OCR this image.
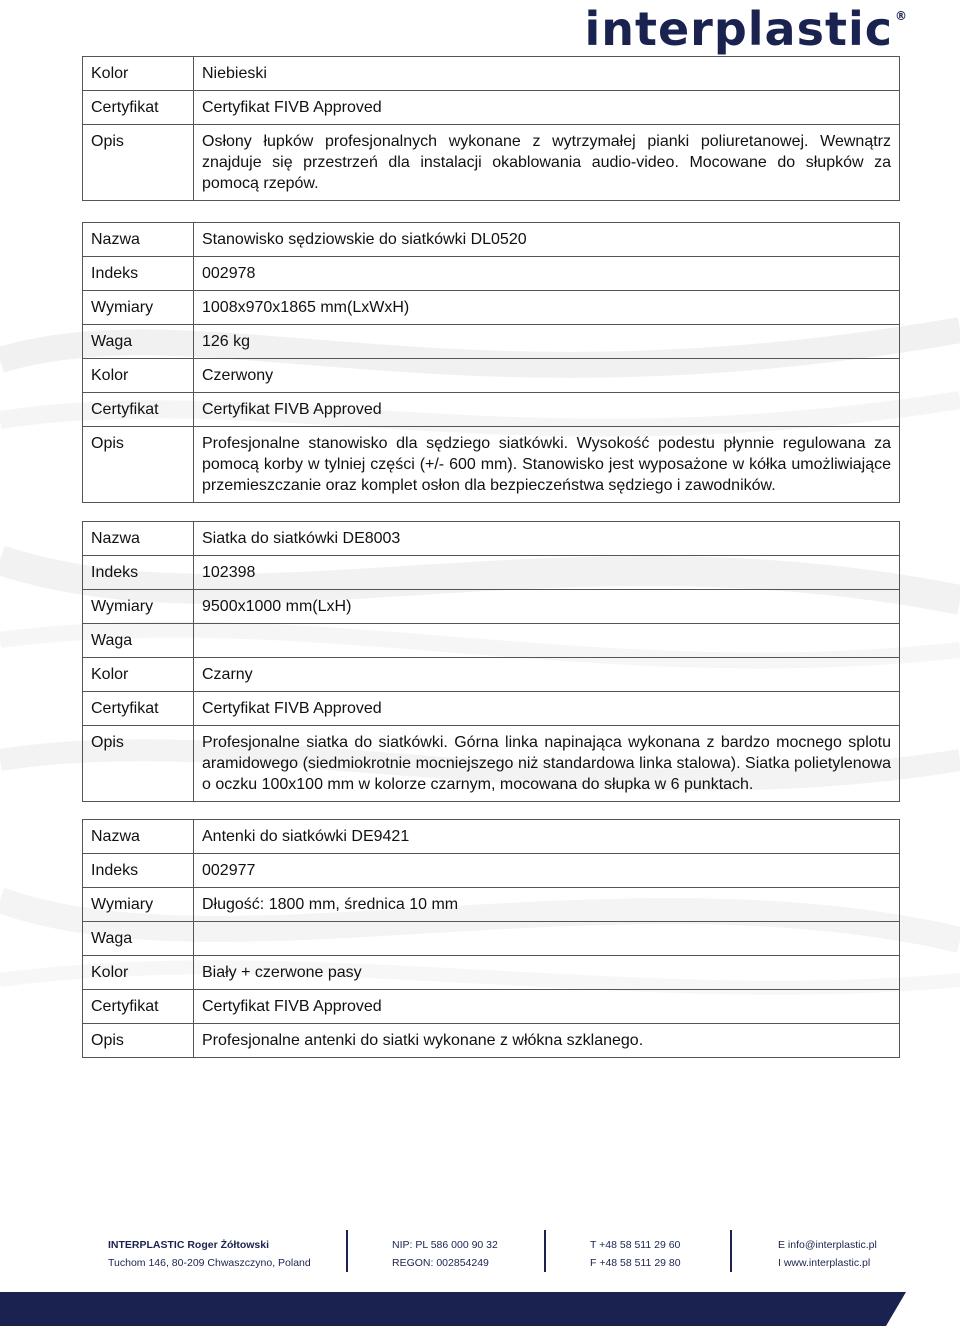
interplastic ®
Kolor	Niebieski
Certyfikat	Certyfikat FIVB Approved
Opis	Osłony łupków profesjonalnych wykonane z wytrzymałej pianki poliuretanowej. Wewnątrz znajduje się przestrzeń dla instalacji okablowania audio-video. Mocowane do słupków za pomocą rzepów.
Nazwa	Stanowisko sędziowskie do siatkówki DL0520
Indeks	002978
Wymiary	1008x970x1865 mm(LxWxH)
Waga	126 kg
Kolor	Czerwony
Certyfikat	Certyfikat FIVB Approved
Opis	Profesjonalne stanowisko dla sędziego siatkówki. Wysokość podestu płynnie regulowana za pomocą korby w tylniej części (+/- 600 mm). Stanowisko jest wyposażone w kółka umożliwiające przemieszczanie oraz komplet osłon dla bezpieczeństwa sędziego i zawodników.
Nazwa	Siatka do siatkówki DE8003
Indeks	102398
Wymiary	9500x1000 mm(LxH)
Waga	
Kolor	Czarny
Certyfikat	Certyfikat FIVB Approved
Opis	Profesjonalne siatka do siatkówki. Górna linka napinająca wykonana z bardzo mocnego splotu aramidowego (siedmiokrotnie mocniejszego niż standardowa linka stalowa). Siatka polietylenowa o oczku 100x100 mm w kolorze czarnym, mocowana do słupka w 6 punktach.
Nazwa	Antenki do siatkówki DE9421
Indeks	002977
Wymiary	Długość: 1800 mm, średnica 10 mm
Waga	
Kolor	Biały + czerwone pasy
Certyfikat	Certyfikat FIVB Approved
Opis	Profesjonalne antenki do siatki wykonane z włókna szklanego.
INTERPLASTIC Roger Żółtowski
Tuchom 146, 80-209 Chwaszczyno, Poland
NIP: PL 586 000 90 32
REGON: 002854249
T +48 58 511 29 60
F +48 58 511 29 80
E info@interplastic.pl
I www.interplastic.pl
